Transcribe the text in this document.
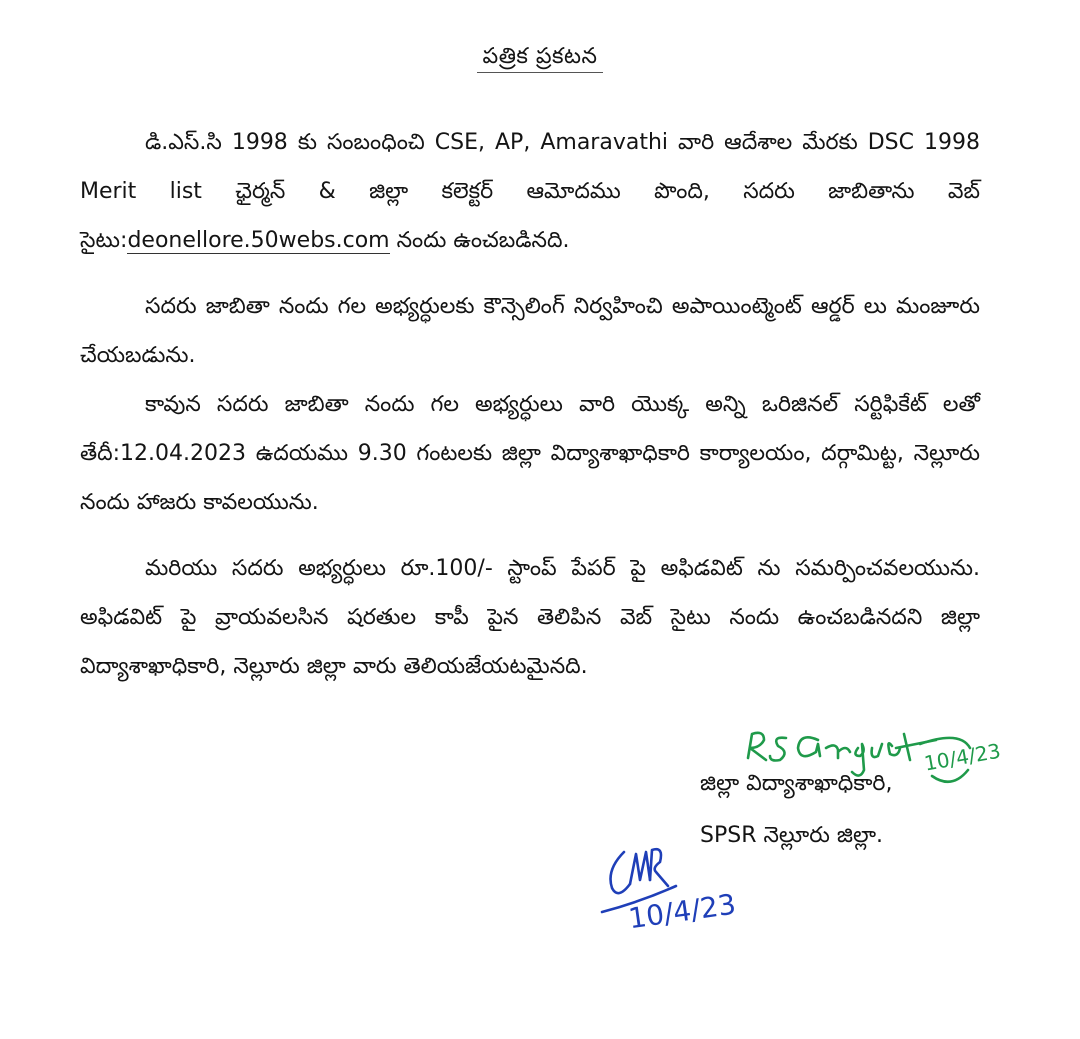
పత్రిక ప్రకటన

డి.ఎస్.సి 1998 కు సంబంధించి CSE, AP, Amaravathi వారి ఆదేశాల మేరకు DSC 1998 Merit list ఛైర్మన్ & జిల్లా కలెక్టర్ ఆమోదము పొంది, సదరు జాబితాను వెబ్ సైటు:deonellore.50webs.com నందు ఉంచబడినది.

సదరు జాబితా నందు గల అభ్యర్ధులకు కౌన్సెలింగ్ నిర్వహించి అపాయింట్మెంట్ ఆర్డర్ లు మంజూరు చేయబడును.

కావున సదరు జాబితా నందు గల అభ్యర్ధులు వారి యొక్క అన్ని ఒరిజినల్ సర్టిఫికేట్ లతో తేదీ:12.04.2023 ఉదయము 9.30 గంటలకు జిల్లా విద్యాశాఖాధికారి కార్యాలయం, దర్గామిట్ట, నెల్లూరు నందు హాజరు కావలయును.

మరియు సదరు అభ్యర్ధులు రూ.100/- స్టాంప్ పేపర్ పై అఫిడవిట్ ను సమర్పించవలయును. అఫిడవిట్ పై వ్రాయవలసిన షరతుల కాపీ పైన తెలిపిన వెబ్ సైటు నందు ఉంచబడినదని జిల్లా విద్యాశాఖాధికారి, నెల్లూరు జిల్లా వారు తెలియజేయటమైనది.

జిల్లా విద్యాశాఖాధికారి,
SPSR నెల్లూరు జిల్లా.
10/4/23
10/4/23
